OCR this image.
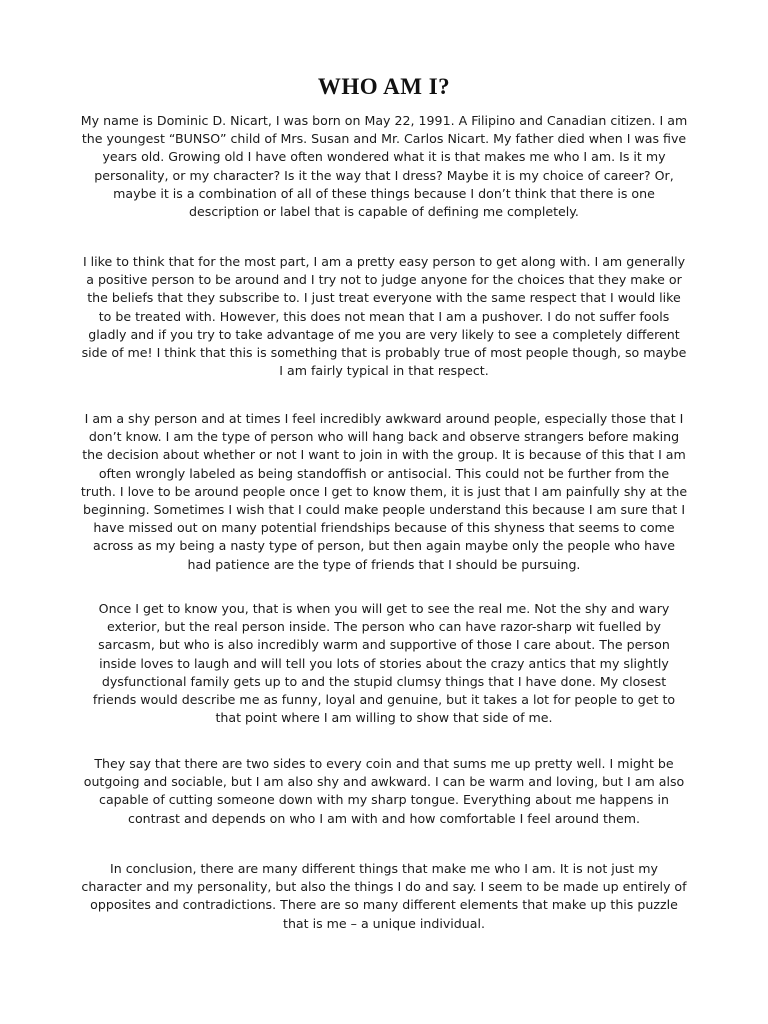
WHO AM I?

My name is Dominic D. Nicart, I was born on May 22, 1991. A Filipino and Canadian citizen. I am the youngest “BUNSO” child of Mrs. Susan and Mr. Carlos Nicart. My father died when I was five years old. Growing old I have often wondered what it is that makes me who I am. Is it my personality, or my character? Is it the way that I dress? Maybe it is my choice of career? Or, maybe it is a combination of all of these things because I don’t think that there is one description or label that is capable of defining me completely.

I like to think that for the most part, I am a pretty easy person to get along with. I am generally a positive person to be around and I try not to judge anyone for the choices that they make or the beliefs that they subscribe to. I just treat everyone with the same respect that I would like to be treated with. However, this does not mean that I am a pushover. I do not suffer fools gladly and if you try to take advantage of me you are very likely to see a completely different side of me! I think that this is something that is probably true of most people though, so maybe I am fairly typical in that respect.

I am a shy person and at times I feel incredibly awkward around people, especially those that I don’t know. I am the type of person who will hang back and observe strangers before making the decision about whether or not I want to join in with the group. It is because of this that I am often wrongly labeled as being standoffish or antisocial. This could not be further from the truth. I love to be around people once I get to know them, it is just that I am painfully shy at the beginning. Sometimes I wish that I could make people understand this because I am sure that I have missed out on many potential friendships because of this shyness that seems to come across as my being a nasty type of person, but then again maybe only the people who have had patience are the type of friends that I should be pursuing.

Once I get to know you, that is when you will get to see the real me. Not the shy and wary exterior, but the real person inside. The person who can have razor-sharp wit fuelled by sarcasm, but who is also incredibly warm and supportive of those I care about. The person inside loves to laugh and will tell you lots of stories about the crazy antics that my slightly dysfunctional family gets up to and the stupid clumsy things that I have done. My closest friends would describe me as funny, loyal and genuine, but it takes a lot for people to get to that point where I am willing to show that side of me.

They say that there are two sides to every coin and that sums me up pretty well. I might be outgoing and sociable, but I am also shy and awkward. I can be warm and loving, but I am also capable of cutting someone down with my sharp tongue. Everything about me happens in contrast and depends on who I am with and how comfortable I feel around them.

In conclusion, there are many different things that make me who I am. It is not just my character and my personality, but also the things I do and say. I seem to be made up entirely of opposites and contradictions. There are so many different elements that make up this puzzle that is me – a unique individual.
